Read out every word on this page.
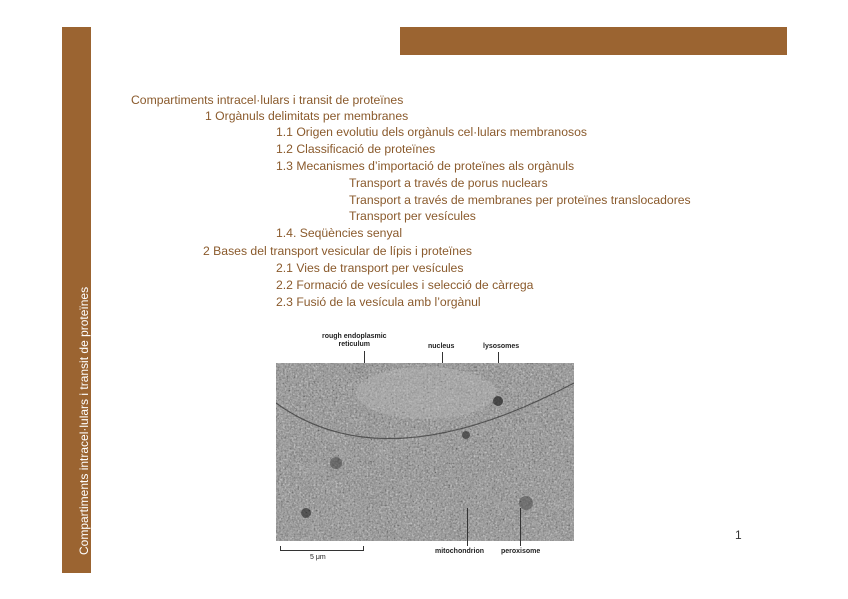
Compartiments intracel·lulars i transit de proteïnes
Compartiments intracel·lulars i transit de proteïnes
1 Orgànuls delimitats per membranes
1.1 Origen evolutiu dels orgànuls cel·lulars membranosos
1.2 Classificació de proteïnes
1.3 Mecanismes d’importació de proteïnes als orgànuls
Transport a través de porus nuclears
Transport a través de membranes per proteïnes translocadores
Transport per vesícules
1.4. Seqüències senyal
2 Bases del transport vesicular de lípis i proteïnes
2.1 Vies de transport per vesícules
2.2 Formació de vesícules i selecció de càrrega
2.3 Fusió de la vesícula amb l’orgànul
rough endoplasmic
reticulum	nucleus	lysosomes
mitochondrion peroxisome
5 μm
1
